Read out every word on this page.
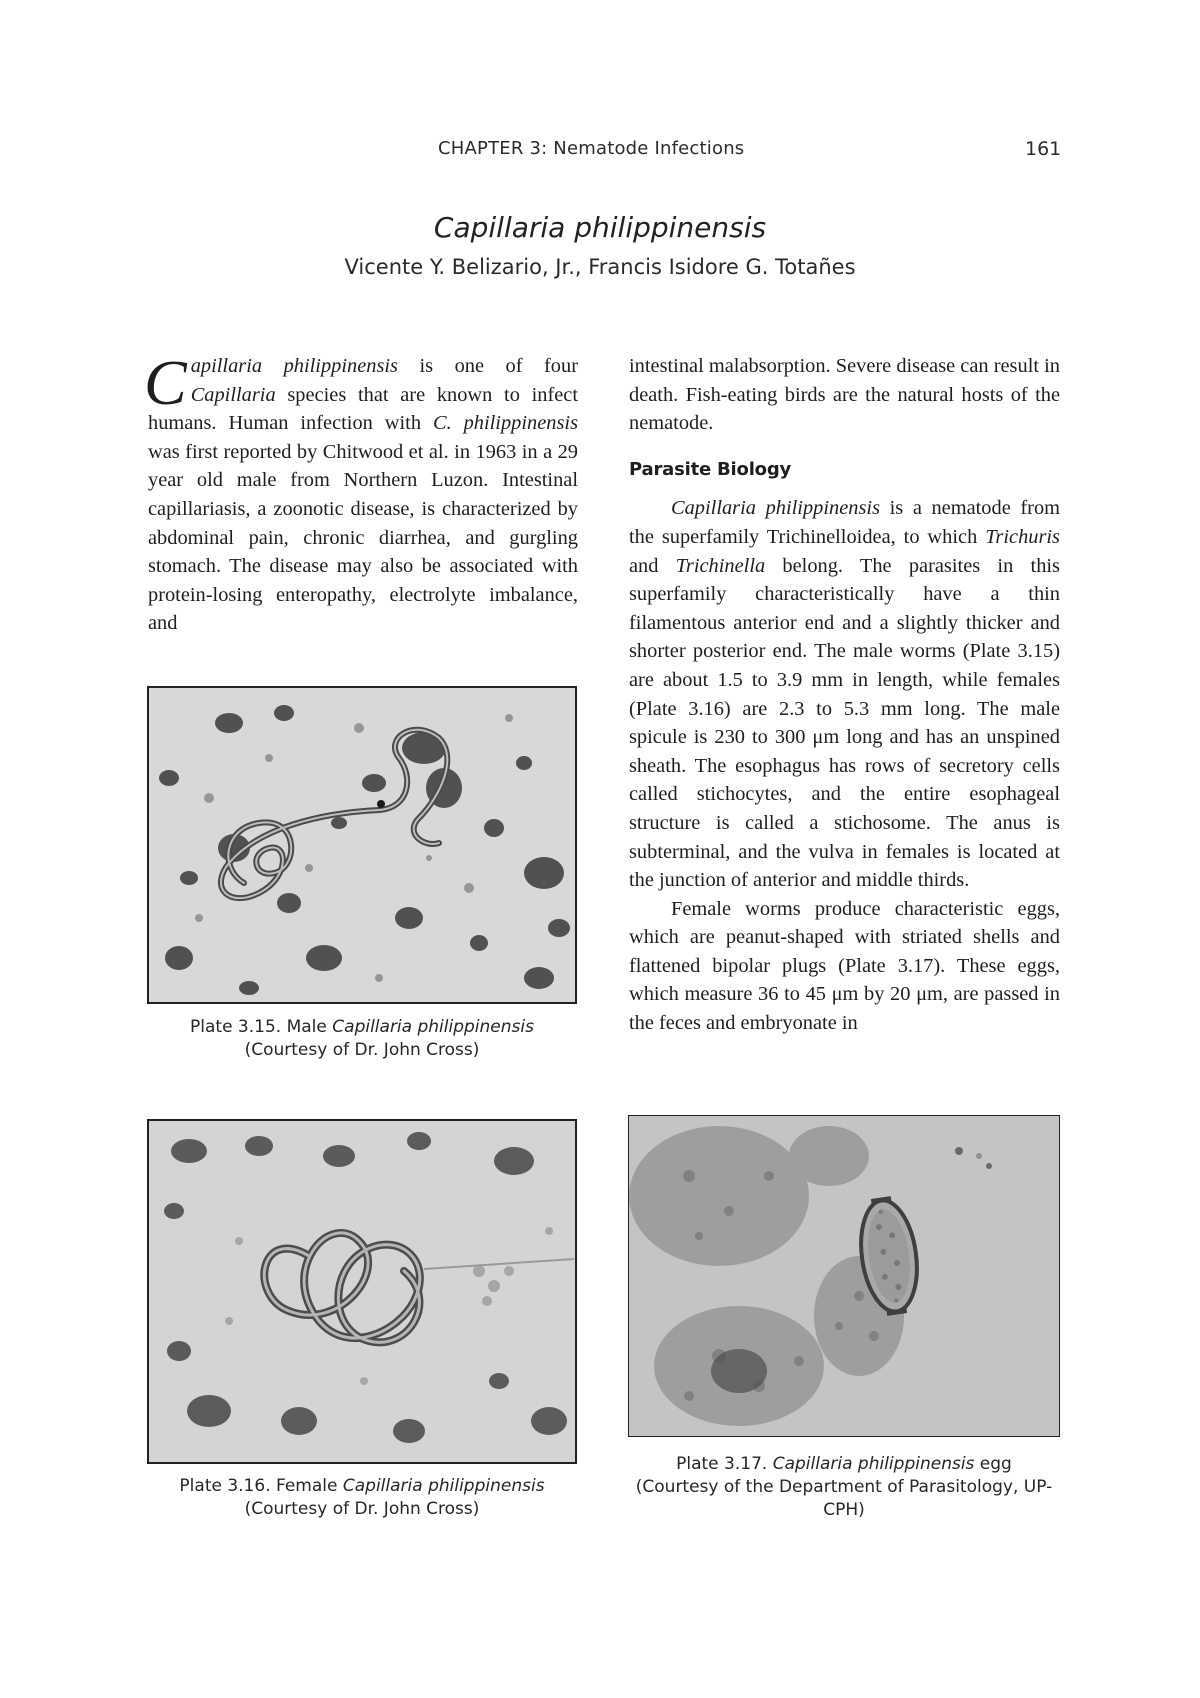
CHAPTER 3: Nematode Infections	161
Capillaria philippinensis
Vicente Y. Belizario, Jr., Francis Isidore G. Totañes

Capillaria philippinensis is one of four Capillaria species that are known to infect humans. Human infection with C. philippinensis was first reported by Chitwood et al. in 1963 in a 29 year old male from Northern Luzon. Intestinal capillariasis, a zoonotic disease, is characterized by abdominal pain, chronic diarrhea, and gurgling stomach. The disease may also be associated with protein-losing enteropathy, electrolyte imbalance, and

intestinal malabsorption. Severe disease can result in death. Fish-eating birds are the natural hosts of the nematode.

Parasite Biology

Capillaria philippinensis is a nematode from the superfamily Trichinelloidea, to which Trichuris and Trichinella belong. The parasites in this superfamily characteristically have a thin filamentous anterior end and a slightly thicker and shorter posterior end. The male worms (Plate 3.15) are about 1.5 to 3.9 mm in length, while females (Plate 3.16) are 2.3 to 5.3 mm long. The male spicule is 230 to 300 μm long and has an unspined sheath. The esophagus has rows of secretory cells called stichocytes, and the entire esophageal structure is called a stichosome. The anus is subterminal, and the vulva in females is located at the junction of anterior and middle thirds.

Female worms produce characteristic eggs, which are peanut-shaped with striated shells and flattened bipolar plugs (Plate 3.17). These eggs, which measure 36 to 45 μm by 20 μm, are passed in the feces and embryonate in

Plate 3.15. Male Capillaria philippinensis
(Courtesy of Dr. John Cross)
Plate 3.16. Female Capillaria philippinensis
(Courtesy of Dr. John Cross)
Plate 3.17. Capillaria philippinensis egg
(Courtesy of the Department of Parasitology, UP-CPH)
